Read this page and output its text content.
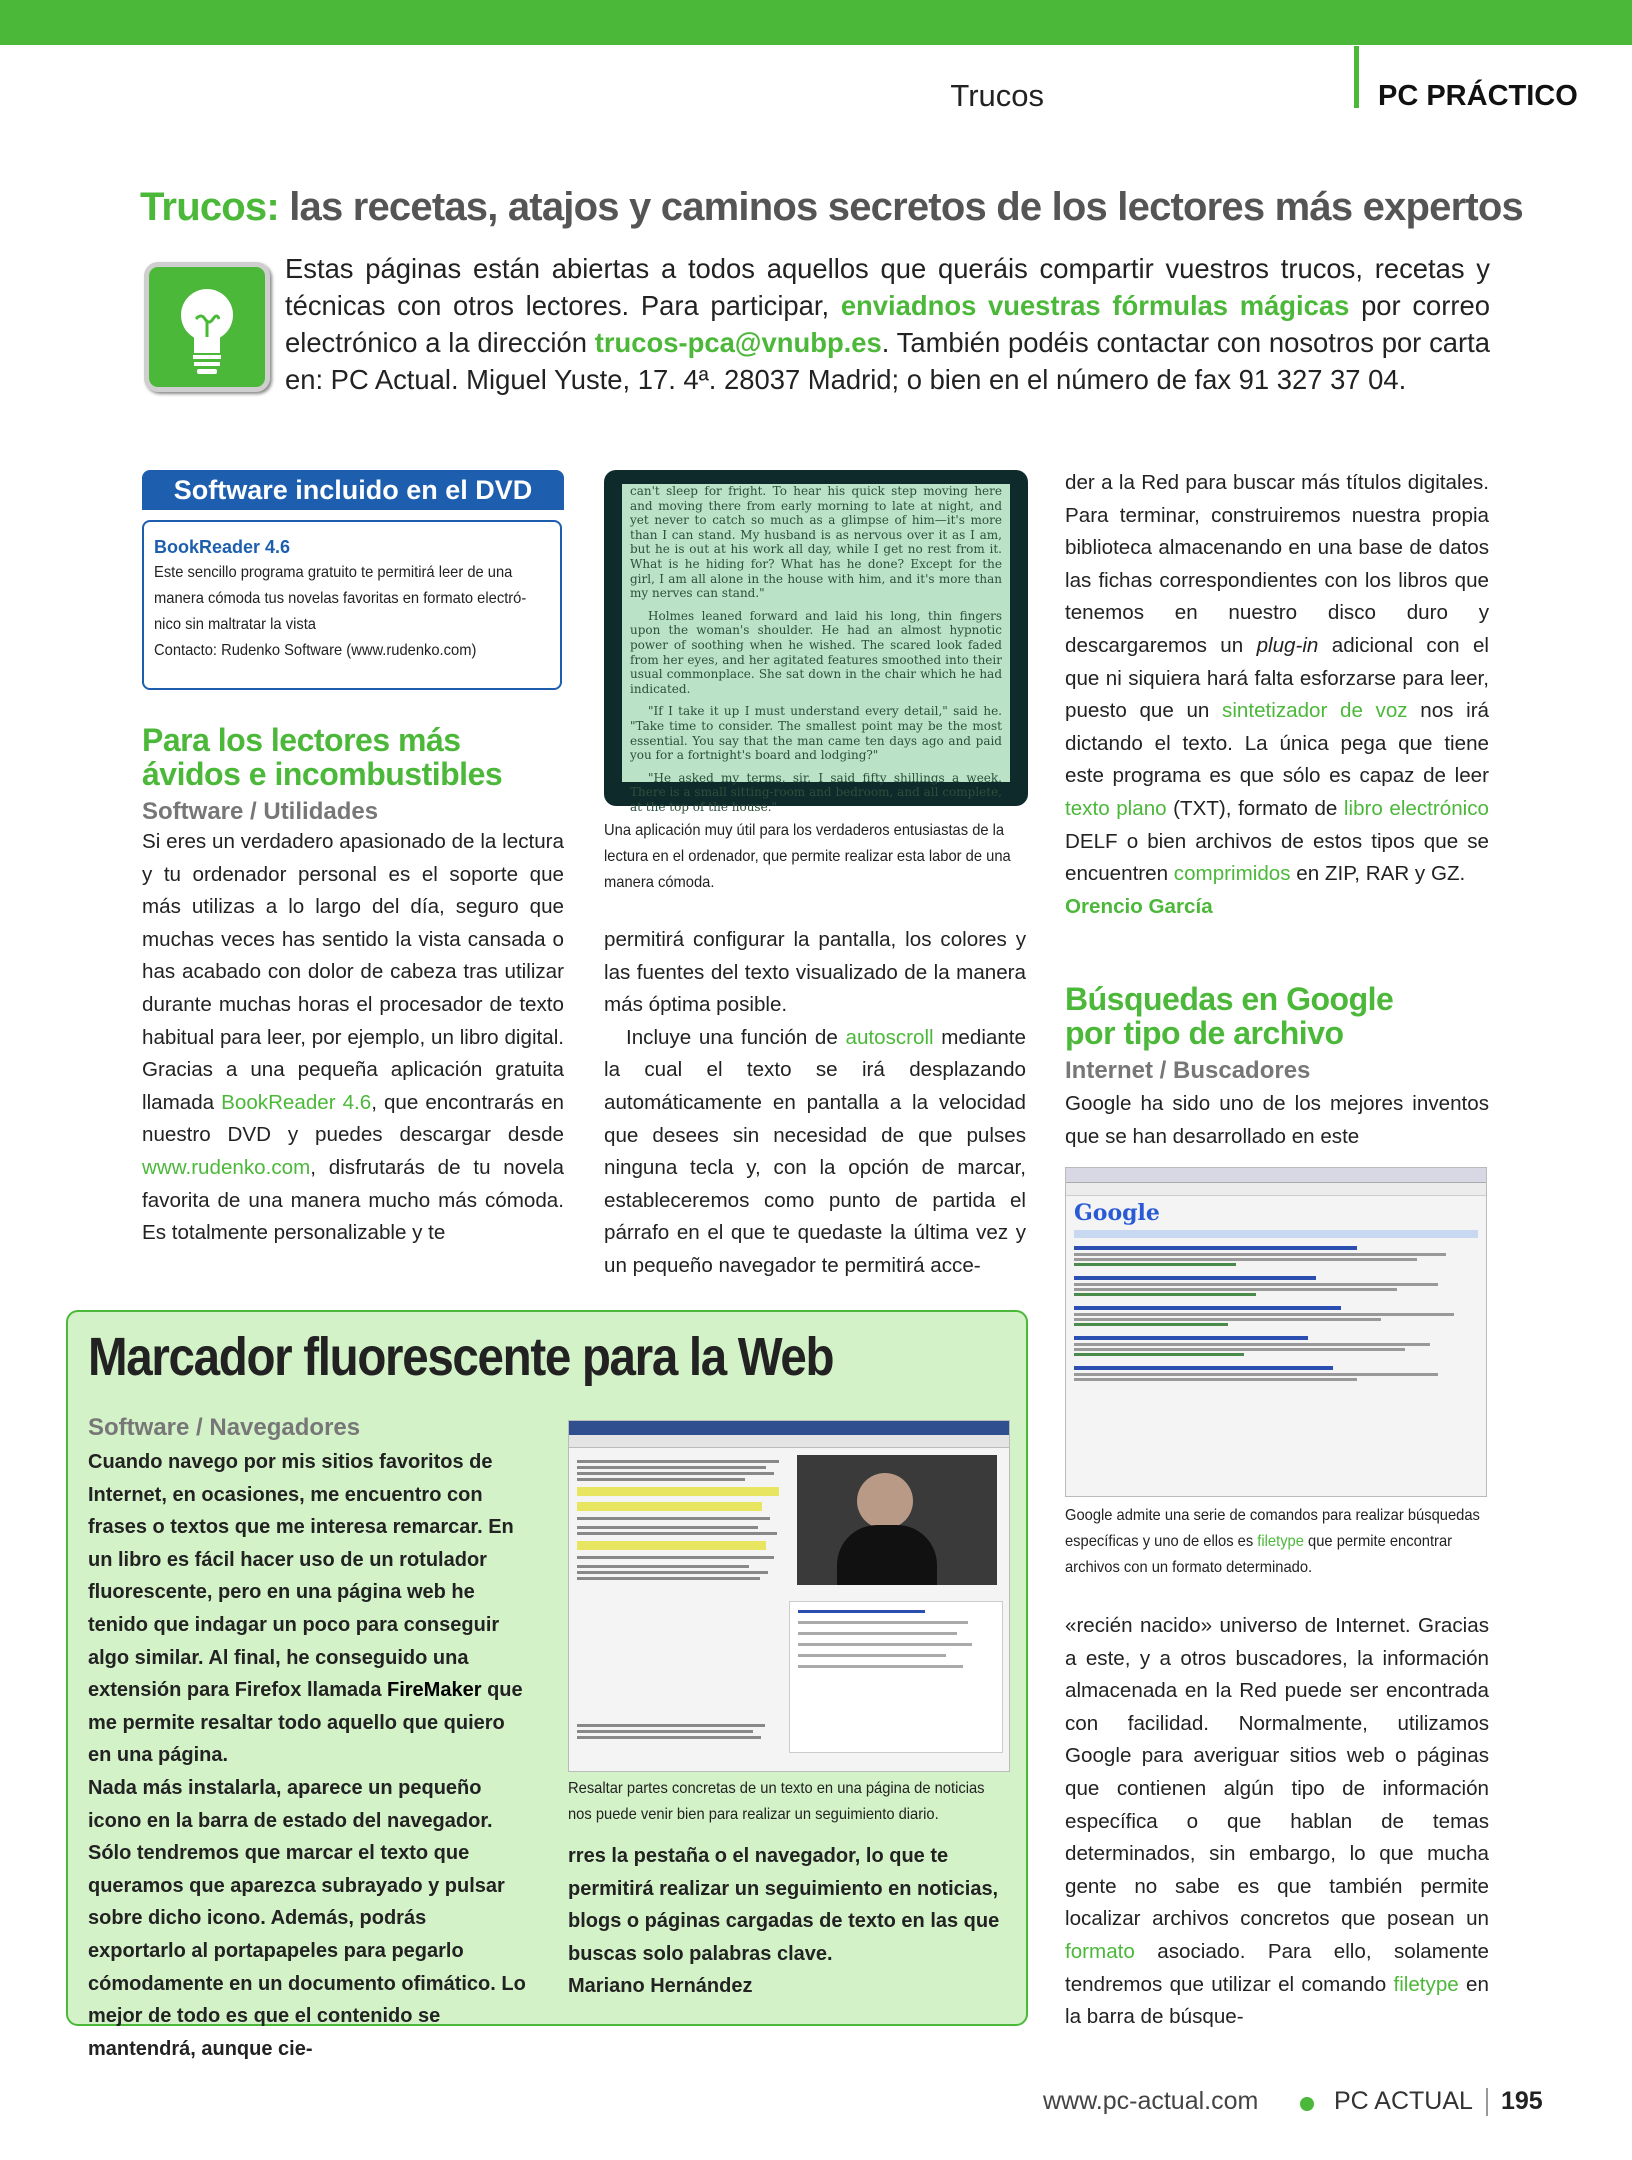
Trucos	PC PRÁCTICO
Trucos: las recetas, atajos y caminos secretos de los lectores más expertos
Estas páginas están abiertas a todos aquellos que queráis compartir vuestros trucos, recetas y técnicas con otros lectores. Para participar, enviadnos vuestras fórmulas mágicas por correo electrónico a la dirección trucos-pca@vnubp.es. También podéis contactar con nosotros por carta en: PC Actual. Miguel Yuste, 17. 4ª. 28037 Madrid; o bien en el número de fax 91 327 37 04.
Software incluido en el DVD
BookReader 4.6
Este sencillo programa gratuito te permitirá leer de una
manera cómoda tus novelas favoritas en formato electró-
nico sin maltratar la vista
Contacto: Rudenko Software (www.rudenko.com)
Para los lectores más
ávidos e incombustibles
Software / Utilidades
Si eres un verdadero apasionado de la lectura y tu ordenador personal es el soporte que más utilizas a lo largo del día, seguro que muchas veces has sentido la vista cansada o has acabado con dolor de cabeza tras utilizar durante muchas horas el procesador de texto habitual para leer, por ejemplo, un libro digital. Gracias a una pequeña aplicación gratuita llamada BookReader 4.6, que encontrarás en nuestro DVD y puedes descargar desde www.rudenko.com, disfrutarás de tu novela favorita de una manera mucho más cómoda. Es totalmente personalizable y te

can't sleep for fright. To hear his quick step moving here and moving there from early morning to late at night, and yet never to catch so much as a glimpse of him—it's more than I can stand. My husband is as nervous over it as I am, but he is out at his work all day, while I get no rest from it. What is he hiding for? What has he done? Except for the girl, I am all alone in the house with him, and it's more than my nerves can stand."

Holmes leaned forward and laid his long, thin fingers upon the woman's shoulder. He had an almost hypnotic power of soothing when he wished. The scared look faded from her eyes, and her agitated features smoothed into their usual commonplace. She sat down in the chair which he had indicated.

"If I take it up I must understand every detail," said he. "Take time to consider. The smallest point may be the most essential. You say that the man came ten days ago and paid you for a fortnight's board and lodging?"

"He asked my terms, sir. I said fifty shillings a week. There is a small sitting-room and bedroom, and all complete, at the top of the house."

Una aplicación muy útil para los verdaderos entusiastas de la lectura en el ordenador, que permite realizar esta labor de una manera cómoda.
permitirá configurar la pantalla, los colores y las fuentes del texto visualizado de la manera más óptima posible.
Incluye una función de autoscroll mediante la cual el texto se irá desplazando automáticamente en pantalla a la velocidad que desees sin necesidad de que pulses ninguna tecla y, con la opción de marcar, estableceremos como punto de partida el párrafo en el que te quedaste la última vez y un pequeño navegador te permitirá acce-
der a la Red para buscar más títulos digitales. Para terminar, construiremos nuestra propia biblioteca almacenando en una base de datos las fichas correspondientes con los libros que tenemos en nuestro disco duro y descargaremos un plug-in adicional con el que ni siquiera hará falta esforzarse para leer, puesto que un sintetizador de voz nos irá dictando el texto. La única pega que tiene este programa es que sólo es capaz de leer texto plano (TXT), formato de libro electrónico DELF o bien archivos de estos tipos que se encuentren comprimidos en ZIP, RAR y GZ.
Orencio García
Búsquedas en Google
por tipo de archivo
Internet / Buscadores
Google ha sido uno de los mejores inventos que se han desarrollado en este
Google
Google admite una serie de comandos para realizar búsquedas específicas y uno de ellos es filetype que permite encontrar archivos con un formato determinado.
«recién nacido» universo de Internet. Gracias a este, y a otros buscadores, la información almacenada en la Red puede ser encontrada con facilidad. Normalmente, utilizamos Google para averiguar sitios web o páginas que contienen algún tipo de información específica o que hablan de temas determinados, sin embargo, lo que mucha gente no sabe es que también permite localizar archivos concretos que posean un formato asociado. Para ello, solamente tendremos que utilizar el comando filetype en la barra de búsque-
Marcador fluorescente para la Web
Software / Navegadores
Cuando navego por mis sitios favoritos de Internet, en ocasiones, me encuentro con frases o textos que me interesa remarcar. En un libro es fácil hacer uso de un rotulador fluorescente, pero en una página web he tenido que indagar un poco para conseguir algo similar. Al final, he conseguido una extensión para Firefox llamada FireMaker que me permite resaltar todo aquello que quiero en una página.
Nada más instalarla, aparece un pequeño icono en la barra de estado del navegador. Sólo tendremos que marcar el texto que queramos que aparezca subrayado y pulsar sobre dicho icono. Además, podrás exportarlo al portapapeles para pegarlo cómodamente en un documento ofimático. Lo mejor de todo es que el contenido se mantendrá, aunque cie-
Resaltar partes concretas de un texto en una página de noticias nos puede venir bien para realizar un seguimiento diario.
rres la pestaña o el navegador, lo que te permitirá realizar un seguimiento en noticias, blogs o páginas cargadas de texto en las que buscas solo palabras clave.
Mariano Hernández
www.pc-actual.com	PC ACTUAL 195
